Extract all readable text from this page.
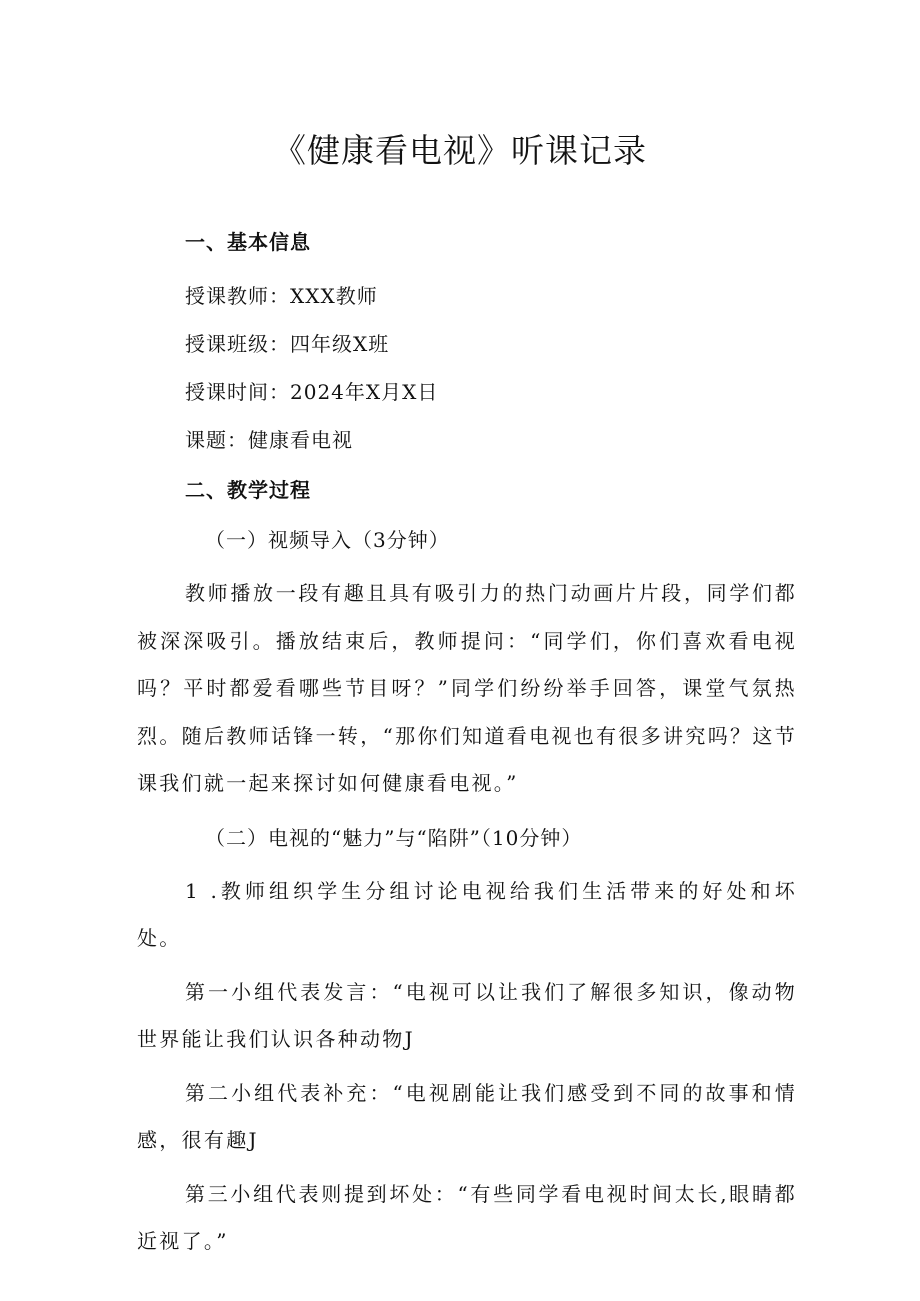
《健康看电视》听课记录
一、基本信息
授课教师：XXX教师
授课班级：四年级X班
授课时间：2024年X月X日
课题：健康看电视
二、教学过程
（一）视频导入（3分钟）

教师播放一段有趣且具有吸引力的热门动画片片段，同学们都被深深吸引。播放结束后，教师提问：“同学们，你们喜欢看电视吗？平时都爱看哪些节目呀？”同学们纷纷举手回答，课堂气氛热烈。随后教师话锋一转，“那你们知道看电视也有很多讲究吗？这节课我们就一起来探讨如何健康看电视。”

（二）电视的“魅力”与“陷阱”（10分钟）

1 .教师组织学生分组讨论电视给我们生活带来的好处和坏处。

第一小组代表发言：“电视可以让我们了解很多知识，像动物世界能让我们认识各种动物J

第二小组代表补充：“电视剧能让我们感受到不同的故事和情感，很有趣J

第三小组代表则提到坏处：“有些同学看电视时间太长,眼睛都近视了。”
